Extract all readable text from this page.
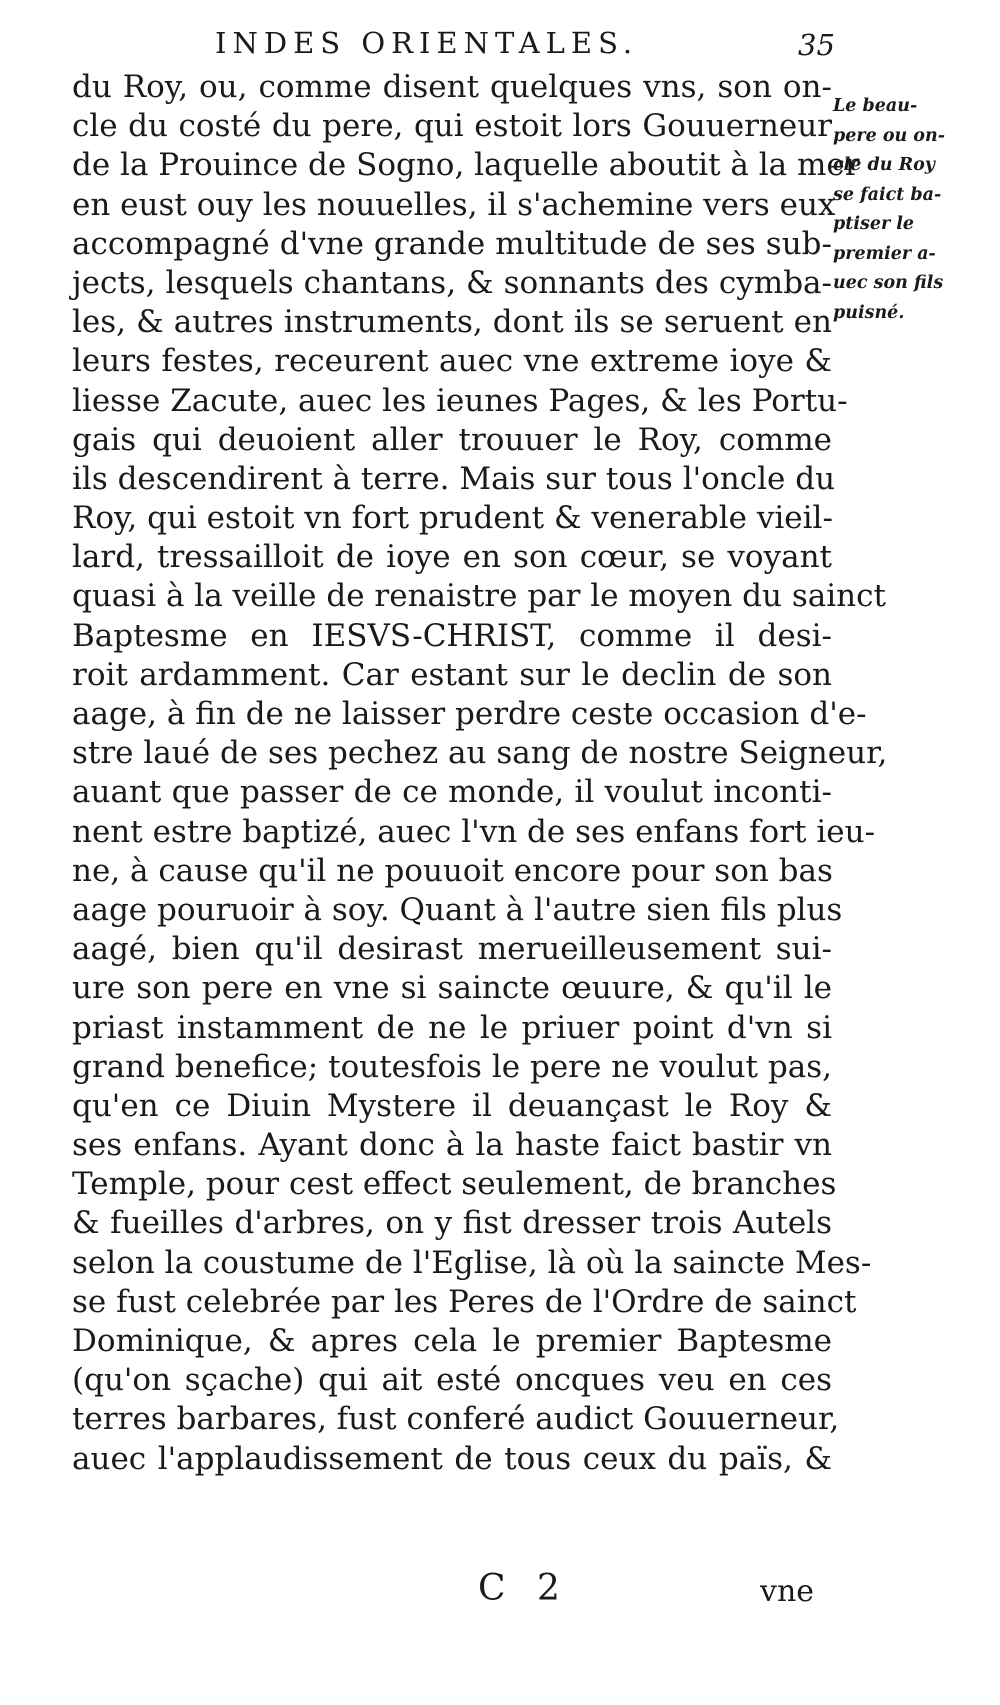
INDES ORIENTALES.	35
du Roy, ou, comme disent quelques vns, son on-
cle du costé du pere, qui estoit lors Gouuerneur
de la Prouince de Sogno, laquelle aboutit à la mer
en eust ouy les nouuelles, il s'achemine vers eux
accompagné d'vne grande multitude de ses sub-
jects, lesquels chantans, & sonnants des cymba-
les, & autres instruments, dont ils se seruent en
leurs festes, receurent auec vne extreme ioye &
liesse Zacute, auec les ieunes Pages, & les Portu-
gais qui deuoient aller trouuer le Roy, comme
ils descendirent à terre. Mais sur tous l'oncle du
Roy, qui estoit vn fort prudent & venerable vieil-
lard, tressailloit de ioye en son cœur, se voyant
quasi à la veille de renaistre par le moyen du sainct
Baptesme en IESVS-CHRIST, comme il desi-
roit ardamment. Car estant sur le declin de son
aage, à fin de ne laisser perdre ceste occasion d'e-
stre laué de ses pechez au sang de nostre Seigneur,
auant que passer de ce monde, il voulut inconti-
nent estre baptizé, auec l'vn de ses enfans fort ieu-
ne, à cause qu'il ne pouuoit encore pour son bas
aage pouruoir à soy. Quant à l'autre sien fils plus
aagé, bien qu'il desirast merueilleusement sui-
ure son pere en vne si saincte œuure, & qu'il le
priast instamment de ne le priuer point d'vn si
grand benefice; toutesfois le pere ne voulut pas,
qu'en ce Diuin Mystere il deuançast le Roy &
ses enfans. Ayant donc à la haste faict bastir vn
Temple, pour cest effect seulement, de branches
& fueilles d'arbres, on y fist dresser trois Autels
selon la coustume de l'Eglise, là où la saincte Mes-
se fust celebrée par les Peres de l'Ordre de sainct
Dominique, & apres cela le premier Baptesme
(qu'on sçache) qui ait esté oncques veu en ces
terres barbares, fust conferé audict Gouuerneur,
auec l'applaudissement de tous ceux du païs, &
Le beau-
pere ou on-
cle du Roy
se faict ba-
ptiser le
premier a-
uec son fils
puisné.
C 2	vne
